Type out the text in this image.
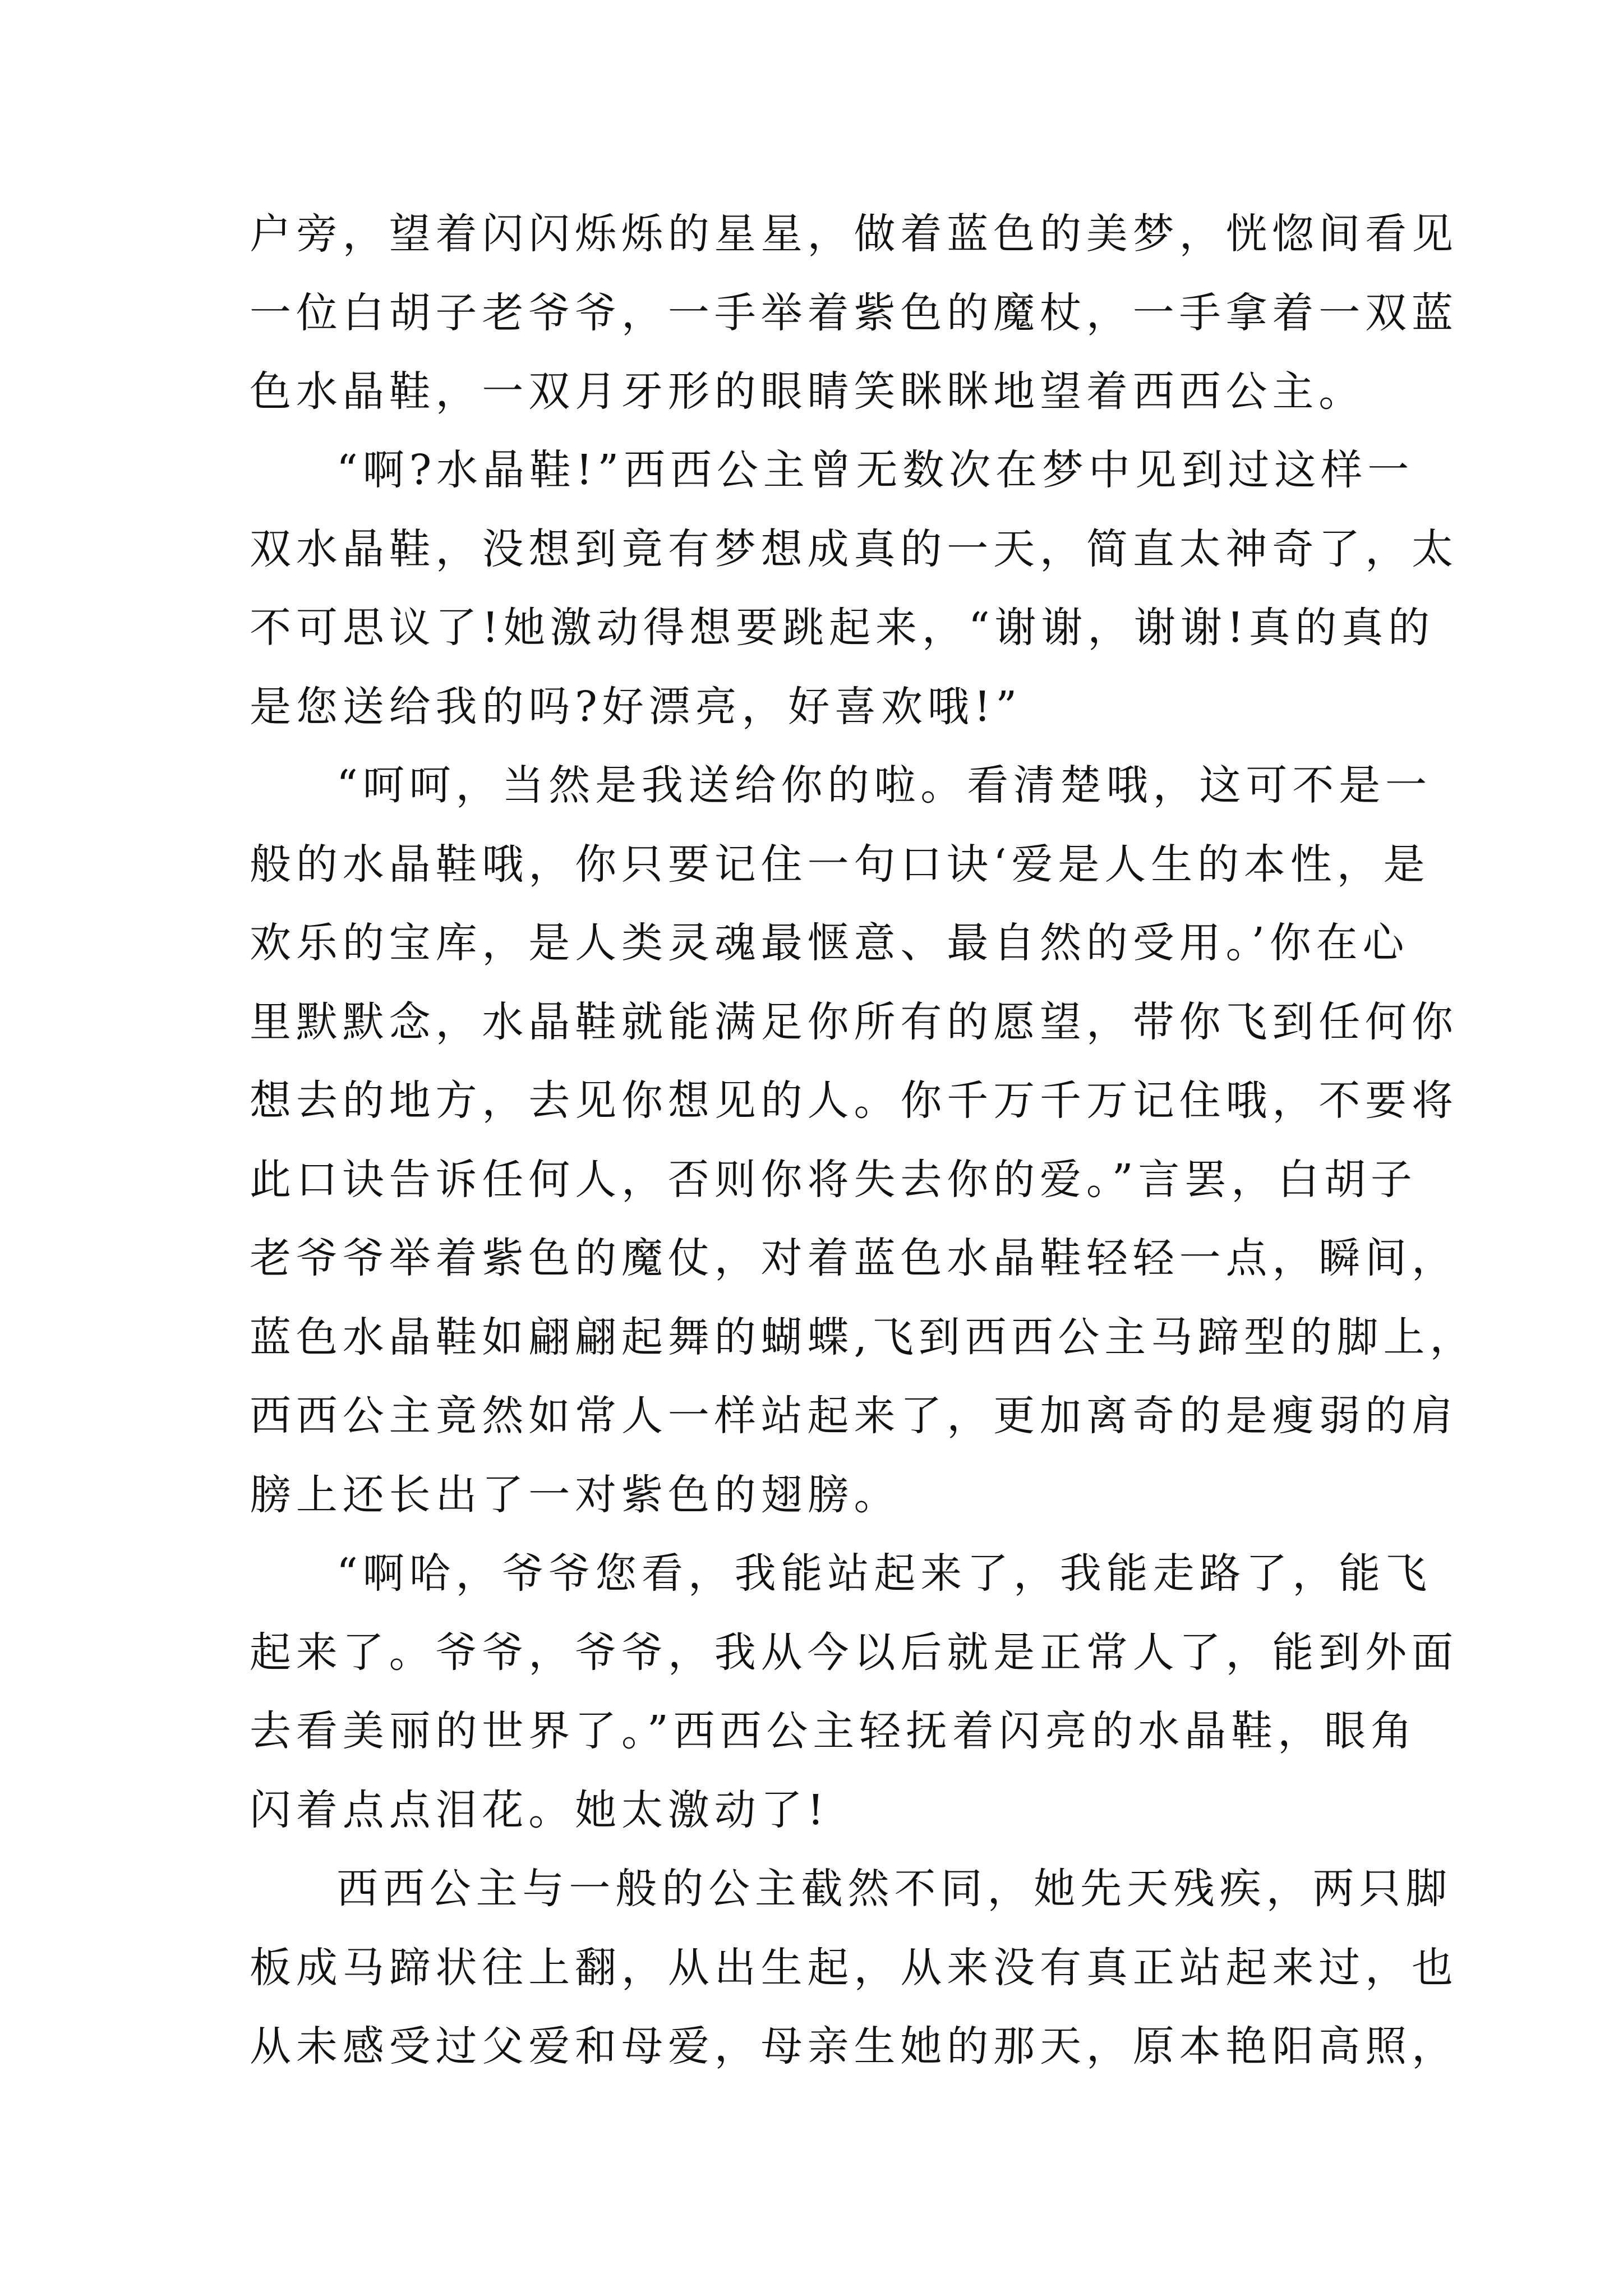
户旁，望着闪闪烁烁的星星，做着蓝色的美梦，恍惚间看见
一位白胡子老爷爷，一手举着紫色的魔杖，一手拿着一双蓝
色水晶鞋，一双月牙形的眼睛笑眯眯地望着西西公主。
“啊?水晶鞋!”西西公主曾无数次在梦中见到过这样一
双水晶鞋，没想到竟有梦想成真的一天，简直太神奇了，太
不可思议了!她激动得想要跳起来，“谢谢，谢谢!真的真的
是您送给我的吗?好漂亮，好喜欢哦!”
“呵呵，当然是我送给你的啦。看清楚哦，这可不是一
般的水晶鞋哦，你只要记住一句口诀‘爱是人生的本性，是
欢乐的宝库，是人类灵魂最惬意、最自然的受用。’你在心
里默默念，水晶鞋就能满足你所有的愿望，带你飞到任何你
想去的地方，去见你想见的人。你千万千万记住哦，不要将
此口诀告诉任何人，否则你将失去你的爱。”言罢，白胡子
老爷爷举着紫色的魔仗，对着蓝色水晶鞋轻轻一点，瞬间，
蓝色水晶鞋如翩翩起舞的蝴蝶,飞到西西公主马蹄型的脚上，
西西公主竟然如常人一样站起来了，更加离奇的是瘦弱的肩
膀上还长出了一对紫色的翅膀。
“啊哈，爷爷您看，我能站起来了，我能走路了，能飞
起来了。爷爷，爷爷，我从今以后就是正常人了，能到外面
去看美丽的世界了。”西西公主轻抚着闪亮的水晶鞋，眼角
闪着点点泪花。她太激动了!
西西公主与一般的公主截然不同，她先天残疾，两只脚
板成马蹄状往上翻，从出生起，从来没有真正站起来过，也
从未感受过父爱和母爱，母亲生她的那天，原本艳阳高照，
